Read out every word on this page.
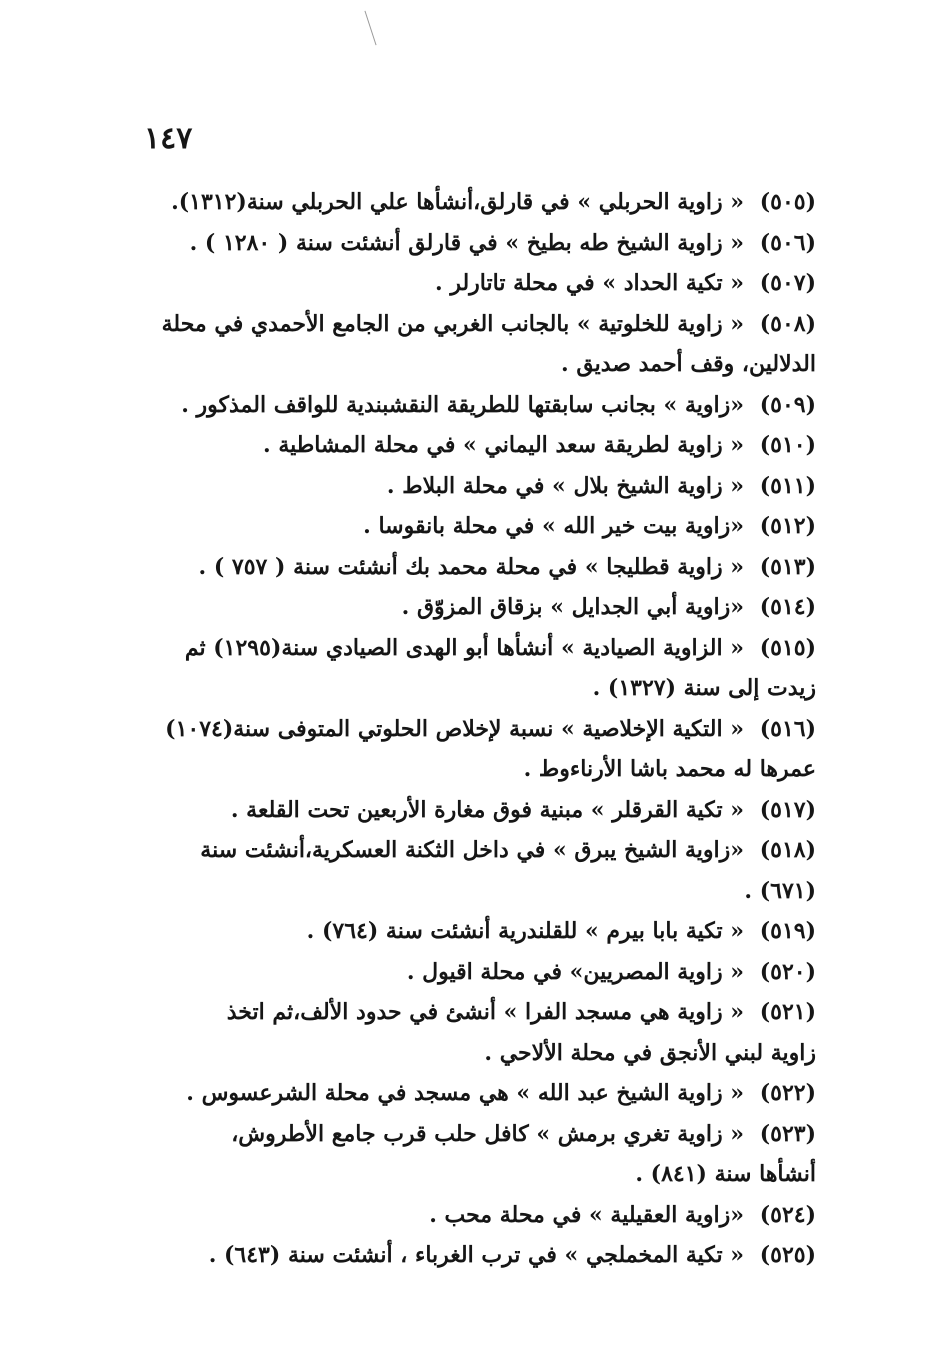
١٤٧
(٥٠٥)« زاوية الحربلي » في قارلق،أنشأها علي الحربلي سنة(١٣١٢).
(٥٠٦)« زاوية الشيخ طه بطيخ » في قارلق أنشئت سنة ( ١٢٨٠ ) .
(٥٠٧)« تكية الحداد » في محلة تاتارلر .
(٥٠٨)« زاوية للخلوتية » بالجانب الغربي من الجامع الأحمدي في محلة
الدلالين، وقف أحمد صديق .
(٥٠٩)«زاوية » بجانب سابقتها للطريقة النقشبندية للواقف المذكور .
(٥١٠)« زاوية لطريقة سعد اليماني » في محلة المشاطية .
(٥١١)« زاوية الشيخ بلال » في محلة البلاط .
(٥١٢)«زاوية بيت خير الله » في محلة بانقوسا .
(٥١٣)« زاوية قطليجا » في محلة محمد بك أنشئت سنة ( ٧٥٧ ) .
(٥١٤)«زاوية أبي الجدايل » بزقاق المزوّق .
(٥١٥)« الزاوية الصيادية » أنشأها أبو الهدى الصيادي سنة(١٢٩٥) ثم
زيدت إلى سنة (١٣٢٧) .
(٥١٦)« التكية الإخلاصية » نسبة لإخلاص الحلوتي المتوفى سنة(١٠٧٤)
عمرها له محمد باشا الأرناءوط .
(٥١٧)« تكية القرقلر » مبنية فوق مغارة الأربعين تحت القلعة .
(٥١٨)«زاوية الشيخ يبرق » في داخل الثكنة العسكرية،أنشئت سنة
(٦٧١) .
(٥١٩)« تكية بابا بيرم » للقلندرية أنشئت سنة (٧٦٤) .
(٥٢٠)« زاوية المصريين» في محلة اقيول .
(٥٢١)« زاوية هي مسجد الفرا » أنشئ في حدود الألف،ثم اتخذ
زاوية لبني الأنجق في محلة الألاحي .
(٥٢٢)« زاوية الشيخ عبد الله » هي مسجد في محلة الشرعسوس .
(٥٢٣)« زاوية تغري برمش » كافل حلب قرب جامع الأطروش،
أنشأها سنة (٨٤١) .
(٥٢٤)«زاوية العقيلية » في محلة محب .
(٥٢٥)« تكية المخملجي » في ترب الغرباء ، أنشئت سنة (٦٤٣) .
